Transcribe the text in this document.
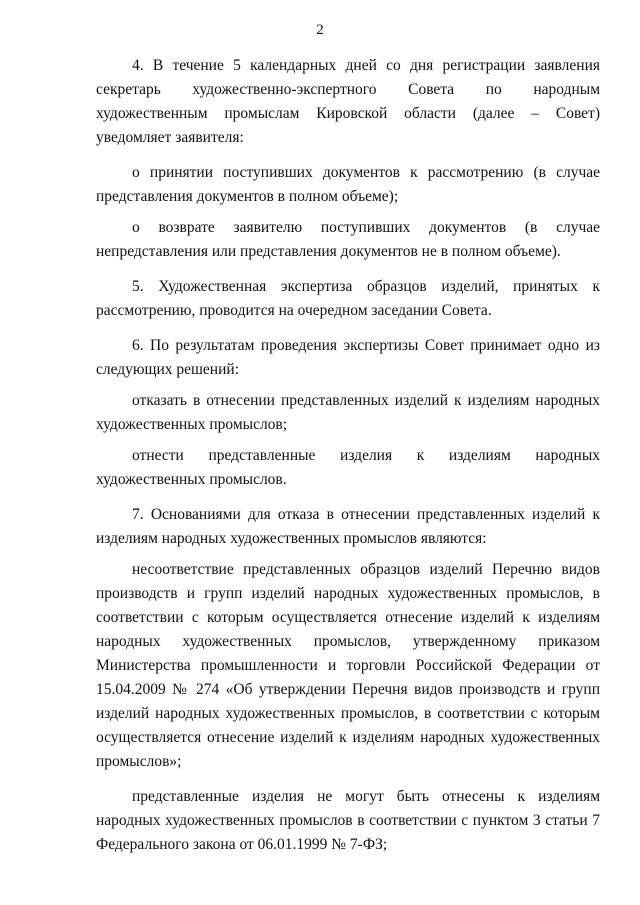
2

4. В течение 5 календарных дней со дня регистрации заявления секретарь художественно-экспертного Совета по народным художественным промыслам Кировской области (далее – Совет) уведомляет заявителя:

о принятии поступивших документов к рассмотрению (в случае представления документов в полном объеме);

о возврате заявителю поступивших документов (в случае непредставления или представления документов не в полном объеме).

5. Художественная экспертиза образцов изделий, принятых к рассмотрению, проводится на очередном заседании Совета.

6. По результатам проведения экспертизы Совет принимает одно из следующих решений:

отказать в отнесении представленных изделий к изделиям народных художественных промыслов;

отнести представленные изделия к изделиям народных художественных промыслов.

7. Основаниями для отказа в отнесении представленных изделий к изделиям народных художественных промыслов являются:

несоответствие представленных образцов изделий Перечню видов производств и групп изделий народных художественных промыслов, в соответствии с которым осуществляется отнесение изделий к изделиям народных художественных промыслов, утвержденному приказом Министерства промышленности и торговли Российской Федерации от 15.04.2009 № 274 «Об утверждении Перечня видов производств и групп изделий народных художественных промыслов, в соответствии с которым осуществляется отнесение изделий к изделиям народных художественных промыслов»;

представленные изделия не могут быть отнесены к изделиям народных художественных промыслов в соответствии с пунктом 3 статьи 7 Федерального закона от 06.01.1999 № 7-ФЗ;
